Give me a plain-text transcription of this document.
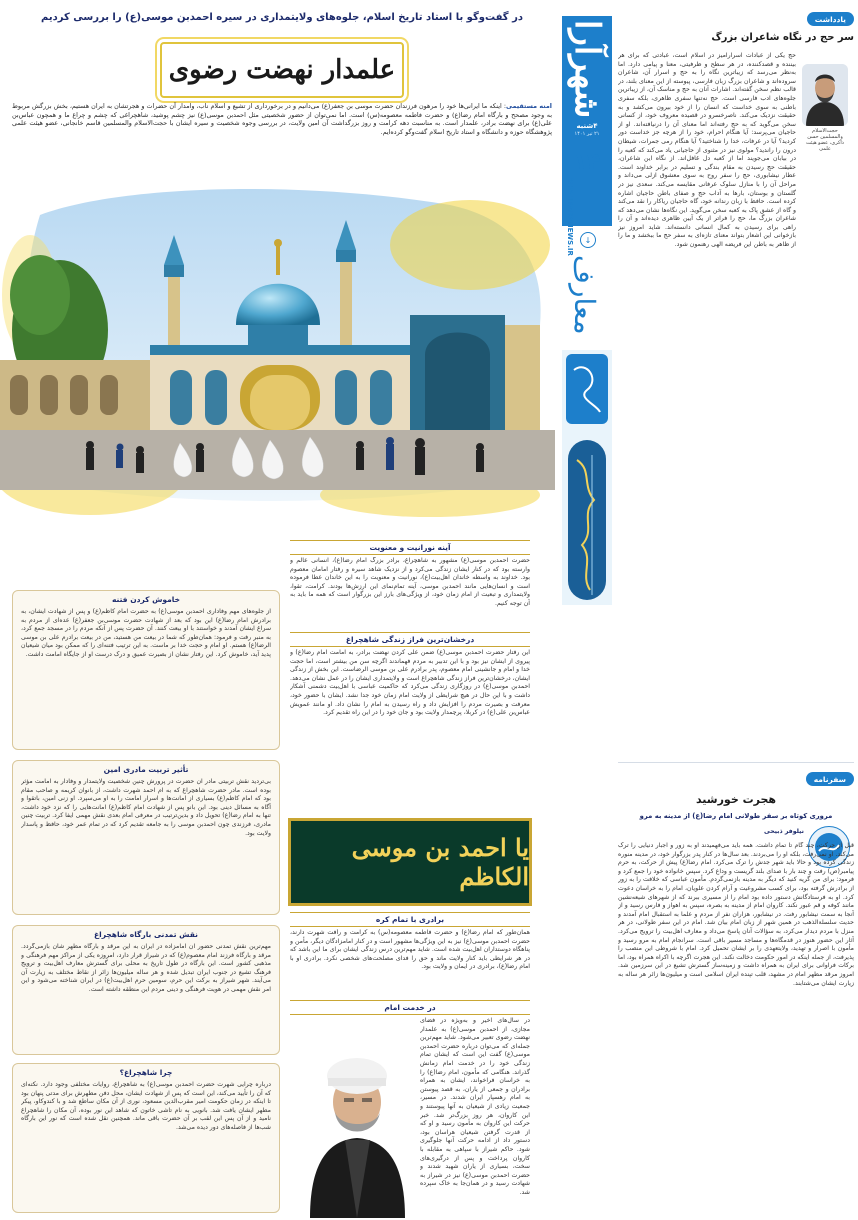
در گفت‌وگو با استاد تاریخ اسلام، جلوه‌های ولایتمداری در سیره احمدبن موسی(ع) را بررسی کردیم
علمدار نهضت رضوی
امنه مستقیمی: اینکه ما ایرانی‌ها خود را مرهون فرزندان حضرت موسی بن جعفر(ع) می‌دانیم و در برخورداری از تشیع و اسلام ناب، وامدار آن حضرات و هجرتشان به ایران هستیم، بخش بزرگش مربوط به وجود مصحح و بارگاه امام رضا(ع) و حضرت فاطمه معصومه(س) است. اما نمی‌توان از حضور شخصیتی مثل احمدبن موسی(ع) نیز چشم پوشید، شاهچراغی که چشم و چراغ ما و همچون عباس‌بن علی(ع) برای نهضت برادر، علمدار است. به مناسبت دهه کرامت و روز بزرگداشت آن امین ولایت، در بررسی وجوه شخصیت و سیره ایشان با حجت‌الاسلام والمسلمین قاسم خانجانی، عضو هیئت علمی پژوهشگاه حوزه و دانشگاه و استاد تاریخ اسلام گفت‌وگو کرده‌ایم.
آینه نورانیت و معنویت
حضرت احمدبن موسی(ع) مشهور به شاهچراغ، برادر بزرگ امام رضا(ع)، انسانی عالم و وارسته بود که در کنار ایشان زندگی می‌کرد و از نزدیک شاهد سیره و رفتار امامان معصوم بود. خداوند به واسطه خاندان اهل‌بیت(ع)، نورانیت و معنویت را به این خاندان عطا فرموده است و انسان‌هایی مانند احمدبن موسی، آینه تمام‌نمای این ارزش‌ها بودند. کرامت، تقوا، ولایتمداری و تبعیت از امام زمان خود، از ویژگی‌های بارز این بزرگوار است که همه ما باید به آن توجه کنیم.
درخشان‌ترین فراز زندگی شاهچراغ
این رفتار حضرت احمدبن موسی(ع) ضمن علی کردن نهضت برادر، به امامت امام رضا(ع) و پیروی از ایشان نیز بود و با این تدبیر به مردم فهماندند اگرچه سن من بیشتر است، اما حجت خدا و امام و جانشینی امام معصوم، پدر برادرم علی بن موسی الرضاست. این بخش از زندگی ایشان، درخشان‌ترین فراز زندگی شاهچراغ است و ولایتمداری ایشان را در عمل نشان می‌دهد. احمدبن موسی(ع) در روزگاری زندگی می‌کرد که حاکمیت عباسی با اهل‌بیت دشمنی آشکار داشت و با این حال در هیچ شرایطی از ولایت امام زمان خود جدا نشد. ایشان با حضور خود، معرفت و بصیرت مردم را افزایش داد و راه رسیدن به امام را نشان داد. او مانند عمویش عباس‌بن علی(ع) در کربلا، پرچمدار ولایت بود و جان خود را در این راه تقدیم کرد.
یا احمد بن موسی الکاظم
برادری با تمام کره
همان‌طور که امام رضا(ع) و حضرت فاطمه معصومه(س) به کرامت و رأفت شهرت دارند، حضرت احمدبن موسی(ع) نیز به این ویژگی‌ها مشهور است و در کنار امامزادگان دیگر، مأمن و پناهگاه دوستداران اهل‌بیت شده است. شاید مهم‌ترین درس زندگی ایشان برای ما این باشد که در هر شرایطی باید کنار ولایت ماند و حق را فدای مصلحت‌های شخصی نکرد. برادری او با امام رضا(ع)، برادری در ایمان و ولایت بود.
در خدمت امام
در سال‌های اخیر و به‌ویژه در فضای مجازی، از احمدبن موسی(ع) به علمدار نهضت رضوی تعبیر می‌شود. شاید مهم‌ترین جمله‌ای که می‌توان درباره حضرت احمدبن موسی(ع) گفت این است که ایشان تمام زندگی خود را در خدمت امام زمانش گذراند. هنگامی که مأمون، امام رضا(ع) را به خراسان فراخواند، ایشان به همراه برادران و جمعی از یاران، به قصد پیوستن به امام رهسپار ایران شدند. در مسیر، جمعیت زیادی از شیعیان به آنها پیوستند و این کاروان، هر روز بزرگ‌تر شد. خبر حرکت این کاروان به مأمون رسید و او که از قدرت گرفتن شیعیان هراسان بود، دستور داد از ادامه حرکت آنها جلوگیری شود. حاکم شیراز با سپاهی به مقابله با کاروان پرداخت و پس از درگیری‌های سخت، بسیاری از یاران شهید شدند و حضرت احمدبن موسی(ع) نیز در شیراز به شهادت رسید و در همان‌جا به خاک سپرده شد.
خاموش کردن فتنه
از جلوه‌های مهم وفاداری احمدبن موسی(ع) به حضرت امام کاظم(ع) و پس از شهادت ایشان، به برادرش امام رضا(ع) این بود که بعد از شهادت حضرت موسی‌بن جعفر(ع) عده‌ای از مردم به سراغ ایشان آمدند و خواستند با او بیعت کنند. آن حضرت پس از آنکه مردم را در مسجد جمع کرد، به منبر رفت و فرمود: همان‌طور که شما در بیعت من هستید، من در بیعت برادرم علی بن موسی الرضا(ع) هستم. او امام و حجت خدا بر ماست. به این ترتیب فتنه‌ای را که ممکن بود میان شیعیان پدید آید، خاموش کرد. این رفتار نشان از بصیرت عمیق و درک درست او از جایگاه امامت داشت.
تأثیر تربیت مادری امین
بی‌تردید نقش تربیتی مادر آن حضرت در پرورش چنین شخصیت ولایتمدار و وفادار به امامت مؤثر بوده است. مادر حضرت شاهچراغ که به ام احمد شهرت داشت، از بانوان کریمه و صاحب مقام بود که امام کاظم(ع) بسیاری از امانت‌ها و اسرار امامت را به او می‌سپرد. او زنی امین، باتقوا و آگاه به مسائل دینی بود. این بانو پس از شهادت امام کاظم(ع) امانت‌هایی را که نزد خود داشت، تنها به امام رضا(ع) تحویل داد و بدین‌ترتیب در معرفی امام بعدی نقش مهمی ایفا کرد. تربیت چنین مادری، فرزندی چون احمدبن موسی را به جامعه تقدیم کرد که در تمام عمر خود، حافظ و پاسدار ولایت بود.
نقش تمدنی بارگاه شاهچراغ
مهم‌ترین نقش تمدنی حضور آن امامزاده در ایران به این مرقد و بارگاه مطهر شان بازمی‌گردد. مرقد و بارگاه فرزند امام معصوم(ع) که در شیراز قرار دارد، امروزه یکی از مراکز مهم فرهنگی و مذهبی کشور است. این بارگاه در طول تاریخ به محلی برای گسترش معارف اهل‌بیت و ترویج فرهنگ تشیع در جنوب ایران تبدیل شده و هر ساله میلیون‌ها زائر از نقاط مختلف به زیارت آن می‌آیند. شهر شیراز به برکت این حرم، سومین حرم اهل‌بیت(ع) در ایران شناخته می‌شود و این امر نقش مهمی در هویت فرهنگی و دینی مردم این منطقه داشته است.
چرا شاهچراغ؟
درباره چرایی شهرت حضرت احمدبن موسی(ع) به شاهچراغ، روایات مختلفی وجود دارد. نکته‌ای که آن را تأیید می‌کند، این است که پس از شهادت ایشان، محل دفن مطهرش برای مدتی پنهان بود تا اینکه در زمان حکومت امیر مقرب‌الدین مسعود، نوری از آن مکان ساطع شد و با کندوکاو، پیکر مطهر ایشان یافت شد. بانویی به نام تاشی خاتون که شاهد این نور بوده، آن مکان را شاهچراغ نامید و از آن پس این لقب بر آن حضرت باقی ماند. همچنین نقل شده است که نور این بارگاه شب‌ها از فاصله‌های دور دیده می‌شد.
شهرآرا
۴شنبه
۲۱ تیر ۱۴۰۱
۱۴
SHAHRARANEWS.IR	↓
معارف
یادداشت
سر حج در نگاه شاعران بزرگ
حجت‌الاسلام والمسلمین حسن ذاکری، عضو هیئت علمی
حج یکی از عبادات اسرارآمیز در اسلام است، عبادتی که برای هر بیننده و قصدکننده، در هر سطح و ظرفیتی، معنا و پیامی دارد. اما به‌نظر می‌رسد که زیباترین نگاه را به حج و اسرار آن، شاعران سروده‌اند و شاعران بزرگ زبان فارسی، پیوسته از این معنای بلند، در قالب نظم سخن گفته‌اند. اشارات آنان به حج و مناسک آن، از زیباترین جلوه‌های ادب فارسی است. حج نه‌تنها سفری ظاهری، بلکه سفری باطنی به سوی خداست که انسان را از خود بیرون می‌کشد و به حقیقت نزدیک می‌کند. ناصرخسرو در قصیده معروف خود، از کسانی سخن می‌گوید که به حج رفته‌اند اما معنای آن را درنیافته‌اند. او از حاجیان می‌پرسد: آیا هنگام احرام، خود را از هرچه جز خداست دور کردید؟ آیا در عرفات، خدا را شناختید؟ آیا هنگام رمی جمرات، شیطان درون را راندید؟ مولوی نیز در مثنوی از حاجیانی یاد می‌کند که کعبه را در بیابان می‌جویند اما از کعبه دل غافل‌اند. از نگاه این شاعران، حقیقت حج رسیدن به مقام بندگی و تسلیم در برابر خداوند است. عطار نیشابوری، حج را سفر روح به سوی معشوق ازلی می‌داند و مراحل آن را با منازل سلوک عرفانی مقایسه می‌کند. سعدی نیز در گلستان و بوستان، بارها به آداب حج و صفای باطن حاجیان اشاره کرده است. حافظ با زبان رندانه خود، گاه حاجیان ریاکار را نقد می‌کند و گاه از عشق پاک به کعبه سخن می‌گوید. این نگاه‌ها نشان می‌دهد که شاعران بزرگ ما، حج را فراتر از یک آیین ظاهری دیده‌اند و آن را راهی برای رسیدن به کمال انسانی دانسته‌اند. شاید امروز نیز بازخوانی این اشعار بتواند معنای تازه‌ای به سفر حج ما ببخشد و ما را از ظاهر به باطن این فریضه الهی رهنمون شود.
سفرنامه
هجرت خورشید
مروری کوتاه بر سفر طولانی امام رضا(ع) از مدینه به مرو
نیلوفر ذبیحی
قبل از حرکت، چند گام تا تمام داشت. همه باید می‌فهمیدند او به زور و اجبار دنیایی را ترک می‌کند. او نمی‌رفت، بلکه او را می‌بردند. بعد سال‌ها در کنار پدر بزرگوار خود، در مدینه منوره زندگی کرده بود و حالا باید شهر جدش را ترک می‌کرد. امام رضا(ع) پیش از حرکت، به حرم پیامبر(ص) رفت و چند بار با صدای بلند گریست و وداع کرد. سپس خانواده خود را جمع کرد و فرمود: برای من گریه کنید که دیگر به مدینه بازنمی‌گردم. مأمون عباسی که خلافت را به زور از برادرش گرفته بود، برای کسب مشروعیت و آرام کردن علویان، امام را به خراسان دعوت کرد. او به فرستادگانش دستور داده بود امام را از مسیری ببرند که از شهرهای شیعه‌نشین مانند کوفه و قم عبور نکند. کاروان امام از مدینه به بصره، سپس به اهواز و فارس رسید و از آنجا به سمت نیشابور رفت. در نیشابور، هزاران نفر از مردم و علما به استقبال امام آمدند و حدیث سلسلة‌الذهب در همین شهر از زبان امام بیان شد. امام در این سفر طولانی، در هر منزل با مردم دیدار می‌کرد، به سؤالات آنان پاسخ می‌داد و معارف اهل‌بیت را ترویج می‌کرد. آثار این حضور هنوز در قدمگاه‌ها و مساجد مسیر باقی است. سرانجام امام به مرو رسید و مأمون با اصرار و تهدید، ولایتعهدی را بر ایشان تحمیل کرد. امام با شروطی این منصب را پذیرفت، از جمله اینکه در امور حکومت دخالت نکند. این هجرت اگرچه با اکراه همراه بود، اما برکات فراوانی برای ایران به همراه داشت و زمینه‌ساز گسترش تشیع در این سرزمین شد. امروز مرقد مطهر امام در مشهد، قلب تپنده ایران اسلامی است و میلیون‌ها زائر هر ساله به زیارت ایشان می‌شتابند.
